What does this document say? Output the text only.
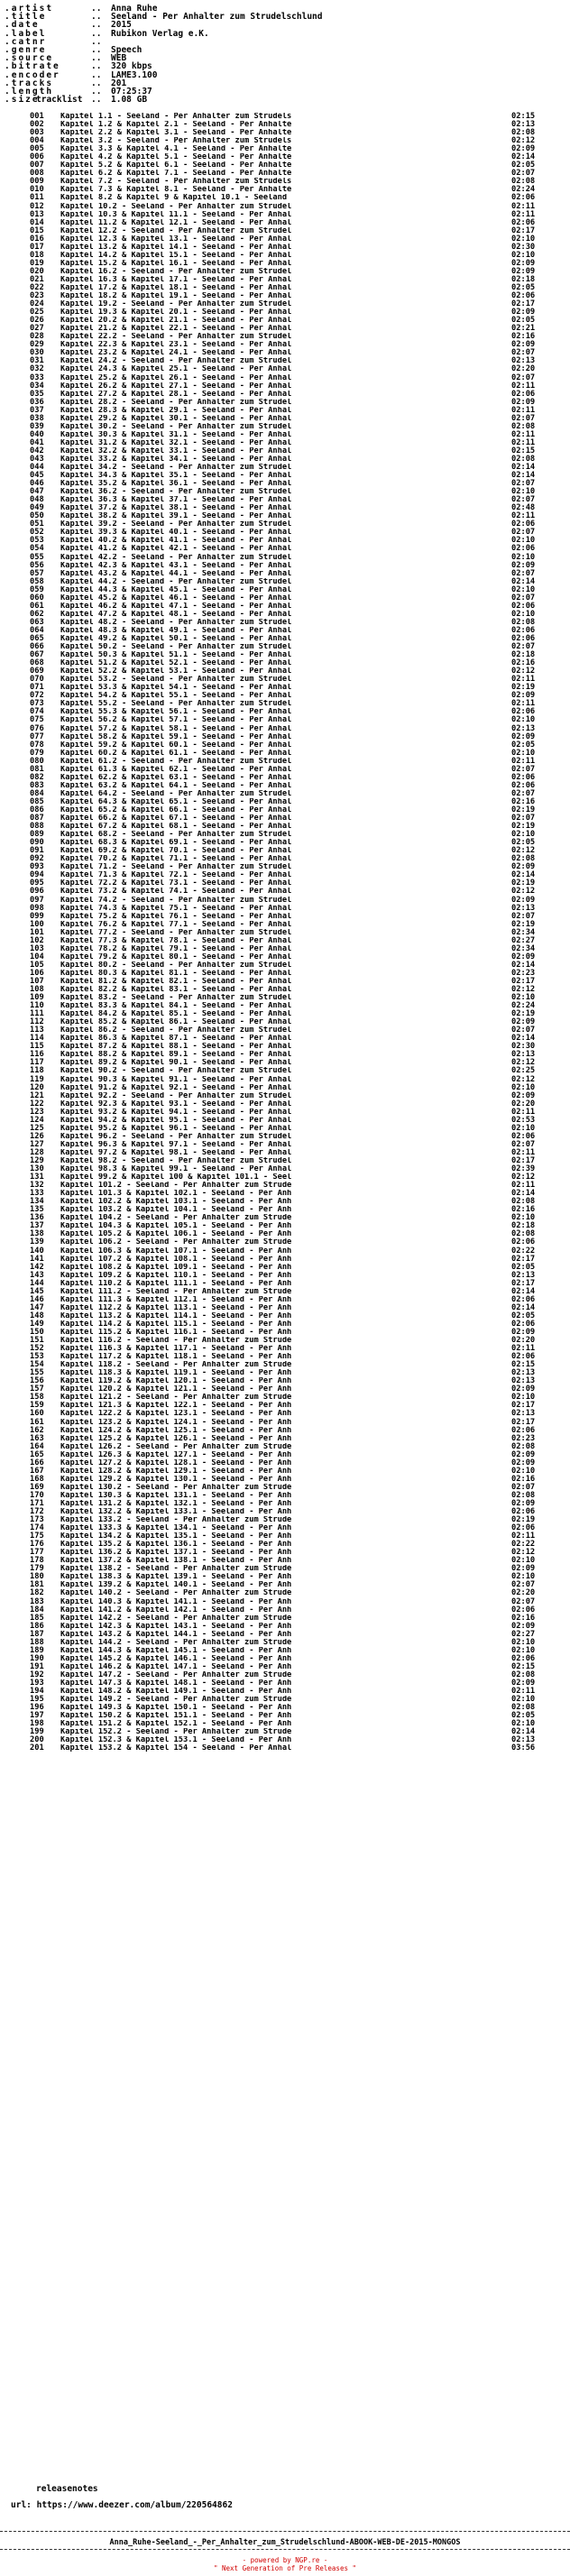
.artist	.. Anna Ruhe
.title	.. Seeland - Per Anhalter zum Strudelschlund
.date	.. 2015
.label	.. Rubikon Verlag e.K.
.catnr	..
.genre	.. Speech
.source	.. WEB
.bitrate	.. 320 kbps
.encoder	.. LAME3.100
.tracks	.. 201
.length	.. 07:25:37
.size	.. 1.08 GB
tracklist
001 Kapitel 1.1 - Seeland - Per Anhalter zum Strudels	02:15
002 Kapitel 1.2 & Kapitel 2.1 - Seeland - Per Anhalte	02:13
003 Kapitel 2.2 & Kapitel 3.1 - Seeland - Per Anhalte	02:08
004 Kapitel 3.2 - Seeland - Per Anhalter zum Strudels	02:12
005 Kapitel 3.3 & Kapitel 4.1 - Seeland - Per Anhalte	02:09
006 Kapitel 4.2 & Kapitel 5.1 - Seeland - Per Anhalte	02:14
007 Kapitel 5.2 & Kapitel 6.1 - Seeland - Per Anhalte	02:05
008 Kapitel 6.2 & Kapitel 7.1 - Seeland - Per Anhalte	02:07
009 Kapitel 7.2 - Seeland - Per Anhalter zum Strudels	02:08
010 Kapitel 7.3 & Kapitel 8.1 - Seeland - Per Anhalte	02:24
011 Kapitel 8.2 & Kapitel 9 & Kapitel 10.1 - Seeland	02:06
012 Kapitel 10.2 - Seeland - Per Anhalter zum Strudel	02:11
013 Kapitel 10.3 & Kapitel 11.1 - Seeland - Per Anhal	02:11
014 Kapitel 11.2 & Kapitel 12.1 - Seeland - Per Anhal	02:06
015 Kapitel 12.2 - Seeland - Per Anhalter zum Strudel	02:17
016 Kapitel 12.3 & Kapitel 13.1 - Seeland - Per Anhal	02:10
017 Kapitel 13.2 & Kapitel 14.1 - Seeland - Per Anhal	02:30
018 Kapitel 14.2 & Kapitel 15.1 - Seeland - Per Anhal	02:10
019 Kapitel 15.2 & Kapitel 16.1 - Seeland - Per Anhal	02:09
020 Kapitel 16.2 - Seeland - Per Anhalter zum Strudel	02:09
021 Kapitel 16.3 & Kapitel 17.1 - Seeland - Per Anhal	02:18
022 Kapitel 17.2 & Kapitel 18.1 - Seeland - Per Anhal	02:05
023 Kapitel 18.2 & Kapitel 19.1 - Seeland - Per Anhal	02:06
024 Kapitel 19.2 - Seeland - Per Anhalter zum Strudel	02:17
025 Kapitel 19.3 & Kapitel 20.1 - Seeland - Per Anhal	02:09
026 Kapitel 20.2 & Kapitel 21.1 - Seeland - Per Anhal	02:05
027 Kapitel 21.2 & Kapitel 22.1 - Seeland - Per Anhal	02:21
028 Kapitel 22.2 - Seeland - Per Anhalter zum Strudel	02:16
029 Kapitel 22.3 & Kapitel 23.1 - Seeland - Per Anhal	02:09
030 Kapitel 23.2 & Kapitel 24.1 - Seeland - Per Anhal	02:07
031 Kapitel 24.2 - Seeland - Per Anhalter zum Strudel	02:13
032 Kapitel 24.3 & Kapitel 25.1 - Seeland - Per Anhal	02:20
033 Kapitel 25.2 & Kapitel 26.1 - Seeland - Per Anhal	02:07
034 Kapitel 26.2 & Kapitel 27.1 - Seeland - Per Anhal	02:11
035 Kapitel 27.2 & Kapitel 28.1 - Seeland - Per Anhal	02:06
036 Kapitel 28.2 - Seeland - Per Anhalter zum Strudel	02:09
037 Kapitel 28.3 & Kapitel 29.1 - Seeland - Per Anhal	02:11
038 Kapitel 29.2 & Kapitel 30.1 - Seeland - Per Anhal	02:07
039 Kapitel 30.2 - Seeland - Per Anhalter zum Strudel	02:08
040 Kapitel 30.3 & Kapitel 31.1 - Seeland - Per Anhal	02:11
041 Kapitel 31.2 & Kapitel 32.1 - Seeland - Per Anhal	02:11
042 Kapitel 32.2 & Kapitel 33.1 - Seeland - Per Anhal	02:15
043 Kapitel 33.2 & Kapitel 34.1 - Seeland - Per Anhal	02:08
044 Kapitel 34.2 - Seeland - Per Anhalter zum Strudel	02:14
045 Kapitel 34.3 & Kapitel 35.1 - Seeland - Per Anhal	02:14
046 Kapitel 35.2 & Kapitel 36.1 - Seeland - Per Anhal	02:07
047 Kapitel 36.2 - Seeland - Per Anhalter zum Strudel	02:10
048 Kapitel 36.3 & Kapitel 37.1 - Seeland - Per Anhal	02:07
049 Kapitel 37.2 & Kapitel 38.1 - Seeland - Per Anhal	02:48
050 Kapitel 38.2 & Kapitel 39.1 - Seeland - Per Anhal	02:11
051 Kapitel 39.2 - Seeland - Per Anhalter zum Strudel	02:06
052 Kapitel 39.3 & Kapitel 40.1 - Seeland - Per Anhal	02:07
053 Kapitel 40.2 & Kapitel 41.1 - Seeland - Per Anhal	02:10
054 Kapitel 41.2 & Kapitel 42.1 - Seeland - Per Anhal	02:06
055 Kapitel 42.2 - Seeland - Per Anhalter zum Strudel	02:10
056 Kapitel 42.3 & Kapitel 43.1 - Seeland - Per Anhal	02:09
057 Kapitel 43.2 & Kapitel 44.1 - Seeland - Per Anhal	02:07
058 Kapitel 44.2 - Seeland - Per Anhalter zum Strudel	02:14
059 Kapitel 44.3 & Kapitel 45.1 - Seeland - Per Anhal	02:10
060 Kapitel 45.2 & Kapitel 46.1 - Seeland - Per Anhal	02:07
061 Kapitel 46.2 & Kapitel 47.1 - Seeland - Per Anhal	02:06
062 Kapitel 47.2 & Kapitel 48.1 - Seeland - Per Anhal	02:10
063 Kapitel 48.2 - Seeland - Per Anhalter zum Strudel	02:08
064 Kapitel 48.3 & Kapitel 49.1 - Seeland - Per Anhal	02:06
065 Kapitel 49.2 & Kapitel 50.1 - Seeland - Per Anhal	02:06
066 Kapitel 50.2 - Seeland - Per Anhalter zum Strudel	02:07
067 Kapitel 50.3 & Kapitel 51.1 - Seeland - Per Anhal	02:18
068 Kapitel 51.2 & Kapitel 52.1 - Seeland - Per Anhal	02:16
069 Kapitel 52.2 & Kapitel 53.1 - Seeland - Per Anhal	02:12
070 Kapitel 53.2 - Seeland - Per Anhalter zum Strudel	02:11
071 Kapitel 53.3 & Kapitel 54.1 - Seeland - Per Anhal	02:19
072 Kapitel 54.2 & Kapitel 55.1 - Seeland - Per Anhal	02:09
073 Kapitel 55.2 - Seeland - Per Anhalter zum Strudel	02:11
074 Kapitel 55.3 & Kapitel 56.1 - Seeland - Per Anhal	02:06
075 Kapitel 56.2 & Kapitel 57.1 - Seeland - Per Anhal	02:10
076 Kapitel 57.2 & Kapitel 58.1 - Seeland - Per Anhal	02:13
077 Kapitel 58.2 & Kapitel 59.1 - Seeland - Per Anhal	02:09
078 Kapitel 59.2 & Kapitel 60.1 - Seeland - Per Anhal	02:05
079 Kapitel 60.2 & Kapitel 61.1 - Seeland - Per Anhal	02:10
080 Kapitel 61.2 - Seeland - Per Anhalter zum Strudel	02:11
081 Kapitel 61.3 & Kapitel 62.1 - Seeland - Per Anhal	02:07
082 Kapitel 62.2 & Kapitel 63.1 - Seeland - Per Anhal	02:06
083 Kapitel 63.2 & Kapitel 64.1 - Seeland - Per Anhal	02:06
084 Kapitel 64.2 - Seeland - Per Anhalter zum Strudel	02:07
085 Kapitel 64.3 & Kapitel 65.1 - Seeland - Per Anhal	02:16
086 Kapitel 65.2 & Kapitel 66.1 - Seeland - Per Anhal	02:19
087 Kapitel 66.2 & Kapitel 67.1 - Seeland - Per Anhal	02:07
088 Kapitel 67.2 & Kapitel 68.1 - Seeland - Per Anhal	02:19
089 Kapitel 68.2 - Seeland - Per Anhalter zum Strudel	02:10
090 Kapitel 68.3 & Kapitel 69.1 - Seeland - Per Anhal	02:05
091 Kapitel 69.2 & Kapitel 70.1 - Seeland - Per Anhal	02:12
092 Kapitel 70.2 & Kapitel 71.1 - Seeland - Per Anhal	02:08
093 Kapitel 71.2 - Seeland - Per Anhalter zum Strudel	02:09
094 Kapitel 71.3 & Kapitel 72.1 - Seeland - Per Anhal	02:14
095 Kapitel 72.2 & Kapitel 73.1 - Seeland - Per Anhal	02:19
096 Kapitel 73.2 & Kapitel 74.1 - Seeland - Per Anhal	02:12
097 Kapitel 74.2 - Seeland - Per Anhalter zum Strudel	02:09
098 Kapitel 74.3 & Kapitel 75.1 - Seeland - Per Anhal	02:13
099 Kapitel 75.2 & Kapitel 76.1 - Seeland - Per Anhal	02:07
100 Kapitel 76.2 & Kapitel 77.1 - Seeland - Per Anhal	02:19
101 Kapitel 77.2 - Seeland - Per Anhalter zum Strudel	02:34
102 Kapitel 77.3 & Kapitel 78.1 - Seeland - Per Anhal	02:27
103 Kapitel 78.2 & Kapitel 79.1 - Seeland - Per Anhal	02:34
104 Kapitel 79.2 & Kapitel 80.1 - Seeland - Per Anhal	02:09
105 Kapitel 80.2 - Seeland - Per Anhalter zum Strudel	02:14
106 Kapitel 80.3 & Kapitel 81.1 - Seeland - Per Anhal	02:23
107 Kapitel 81.2 & Kapitel 82.1 - Seeland - Per Anhal	02:17
108 Kapitel 82.2 & Kapitel 83.1 - Seeland - Per Anhal	02:12
109 Kapitel 83.2 - Seeland - Per Anhalter zum Strudel	02:10
110 Kapitel 83.3 & Kapitel 84.1 - Seeland - Per Anhal	02:24
111 Kapitel 84.2 & Kapitel 85.1 - Seeland - Per Anhal	02:19
112 Kapitel 85.2 & Kapitel 86.1 - Seeland - Per Anhal	02:09
113 Kapitel 86.2 - Seeland - Per Anhalter zum Strudel	02:07
114 Kapitel 86.3 & Kapitel 87.1 - Seeland - Per Anhal	02:14
115 Kapitel 87.2 & Kapitel 88.1 - Seeland - Per Anhal	02:30
116 Kapitel 88.2 & Kapitel 89.1 - Seeland - Per Anhal	02:13
117 Kapitel 89.2 & Kapitel 90.1 - Seeland - Per Anhal	02:12
118 Kapitel 90.2 - Seeland - Per Anhalter zum Strudel	02:25
119 Kapitel 90.3 & Kapitel 91.1 - Seeland - Per Anhal	02:12
120 Kapitel 91.2 & Kapitel 92.1 - Seeland - Per Anhal	02:10
121 Kapitel 92.2 - Seeland - Per Anhalter zum Strudel	02:09
122 Kapitel 92.3 & Kapitel 93.1 - Seeland - Per Anhal	02:20
123 Kapitel 93.2 & Kapitel 94.1 - Seeland - Per Anhal	02:11
124 Kapitel 94.2 & Kapitel 95.1 - Seeland - Per Anhal	02:53
125 Kapitel 95.2 & Kapitel 96.1 - Seeland - Per Anhal	02:10
126 Kapitel 96.2 - Seeland - Per Anhalter zum Strudel	02:06
127 Kapitel 96.3 & Kapitel 97.1 - Seeland - Per Anhal	02:07
128 Kapitel 97.2 & Kapitel 98.1 - Seeland - Per Anhal	02:11
129 Kapitel 98.2 - Seeland - Per Anhalter zum Strudel	02:17
130 Kapitel 98.3 & Kapitel 99.1 - Seeland - Per Anhal	02:39
131 Kapitel 99.2 & Kapitel 100 & Kapitel 101.1 - Seel	02:12
132 Kapitel 101.2 - Seeland - Per Anhalter zum Strude	02:11
133 Kapitel 101.3 & Kapitel 102.1 - Seeland - Per Anh	02:14
134 Kapitel 102.2 & Kapitel 103.1 - Seeland - Per Anh	02:08
135 Kapitel 103.2 & Kapitel 104.1 - Seeland - Per Anh	02:16
136 Kapitel 104.2 - Seeland - Per Anhalter zum Strude	02:10
137 Kapitel 104.3 & Kapitel 105.1 - Seeland - Per Anh	02:18
138 Kapitel 105.2 & Kapitel 106.1 - Seeland - Per Anh	02:08
139 Kapitel 106.2 - Seeland - Per Anhalter zum Strude	02:06
140 Kapitel 106.3 & Kapitel 107.1 - Seeland - Per Anh	02:22
141 Kapitel 107.2 & Kapitel 108.1 - Seeland - Per Anh	02:17
142 Kapitel 108.2 & Kapitel 109.1 - Seeland - Per Anh	02:05
143 Kapitel 109.2 & Kapitel 110.1 - Seeland - Per Anh	02:13
144 Kapitel 110.2 & Kapitel 111.1 - Seeland - Per Anh	02:17
145 Kapitel 111.2 - Seeland - Per Anhalter zum Strude	02:14
146 Kapitel 111.3 & Kapitel 112.1 - Seeland - Per Anh	02:06
147 Kapitel 112.2 & Kapitel 113.1 - Seeland - Per Anh	02:14
148 Kapitel 113.2 & Kapitel 114.1 - Seeland - Per Anh	02:05
149 Kapitel 114.2 & Kapitel 115.1 - Seeland - Per Anh	02:06
150 Kapitel 115.2 & Kapitel 116.1 - Seeland - Per Anh	02:09
151 Kapitel 116.2 - Seeland - Per Anhalter zum Strude	02:20
152 Kapitel 116.3 & Kapitel 117.1 - Seeland - Per Anh	02:11
153 Kapitel 117.2 & Kapitel 118.1 - Seeland - Per Anh	02:06
154 Kapitel 118.2 - Seeland - Per Anhalter zum Strude	02:15
155 Kapitel 118.3 & Kapitel 119.1 - Seeland - Per Anh	02:13
156 Kapitel 119.2 & Kapitel 120.1 - Seeland - Per Anh	02:13
157 Kapitel 120.2 & Kapitel 121.1 - Seeland - Per Anh	02:09
158 Kapitel 121.2 - Seeland - Per Anhalter zum Strude	02:10
159 Kapitel 121.3 & Kapitel 122.1 - Seeland - Per Anh	02:17
160 Kapitel 122.2 & Kapitel 123.1 - Seeland - Per Anh	02:13
161 Kapitel 123.2 & Kapitel 124.1 - Seeland - Per Anh	02:17
162 Kapitel 124.2 & Kapitel 125.1 - Seeland - Per Anh	02:06
163 Kapitel 125.2 & Kapitel 126.1 - Seeland - Per Anh	02:23
164 Kapitel 126.2 - Seeland - Per Anhalter zum Strude	02:08
165 Kapitel 126.3 & Kapitel 127.1 - Seeland - Per Anh	02:09
166 Kapitel 127.2 & Kapitel 128.1 - Seeland - Per Anh	02:09
167 Kapitel 128.2 & Kapitel 129.1 - Seeland - Per Anh	02:10
168 Kapitel 129.2 & Kapitel 130.1 - Seeland - Per Anh	02:16
169 Kapitel 130.2 - Seeland - Per Anhalter zum Strude	02:07
170 Kapitel 130.3 & Kapitel 131.1 - Seeland - Per Anh	02:08
171 Kapitel 131.2 & Kapitel 132.1 - Seeland - Per Anh	02:09
172 Kapitel 132.2 & Kapitel 133.1 - Seeland - Per Anh	02:06
173 Kapitel 133.2 - Seeland - Per Anhalter zum Strude	02:19
174 Kapitel 133.3 & Kapitel 134.1 - Seeland - Per Anh	02:06
175 Kapitel 134.2 & Kapitel 135.1 - Seeland - Per Anh	02:11
176 Kapitel 135.2 & Kapitel 136.1 - Seeland - Per Anh	02:22
177 Kapitel 136.2 & Kapitel 137.1 - Seeland - Per Anh	02:12
178 Kapitel 137.2 & Kapitel 138.1 - Seeland - Per Anh	02:10
179 Kapitel 138.2 - Seeland - Per Anhalter zum Strude	02:09
180 Kapitel 138.3 & Kapitel 139.1 - Seeland - Per Anh	02:10
181 Kapitel 139.2 & Kapitel 140.1 - Seeland - Per Anh	02:07
182 Kapitel 140.2 - Seeland - Per Anhalter zum Strude	02:20
183 Kapitel 140.3 & Kapitel 141.1 - Seeland - Per Anh	02:07
184 Kapitel 141.2 & Kapitel 142.1 - Seeland - Per Anh	02:06
185 Kapitel 142.2 - Seeland - Per Anhalter zum Strude	02:16
186 Kapitel 142.3 & Kapitel 143.1 - Seeland - Per Anh	02:09
187 Kapitel 143.2 & Kapitel 144.1 - Seeland - Per Anh	02:27
188 Kapitel 144.2 - Seeland - Per Anhalter zum Strude	02:10
189 Kapitel 144.3 & Kapitel 145.1 - Seeland - Per Anh	02:10
190 Kapitel 145.2 & Kapitel 146.1 - Seeland - Per Anh	02:06
191 Kapitel 146.2 & Kapitel 147.1 - Seeland - Per Anh	02:15
192 Kapitel 147.2 - Seeland - Per Anhalter zum Strude	02:08
193 Kapitel 147.3 & Kapitel 148.1 - Seeland - Per Anh	02:09
194 Kapitel 148.2 & Kapitel 149.1 - Seeland - Per Anh	02:11
195 Kapitel 149.2 - Seeland - Per Anhalter zum Strude	02:10
196 Kapitel 149.3 & Kapitel 150.1 - Seeland - Per Anh	02:08
197 Kapitel 150.2 & Kapitel 151.1 - Seeland - Per Anh	02:05
198 Kapitel 151.2 & Kapitel 152.1 - Seeland - Per Anh	02:10
199 Kapitel 152.2 - Seeland - Per Anhalter zum Strude	02:14
200 Kapitel 152.3 & Kapitel 153.1 - Seeland - Per Anh	02:13
201 Kapitel 153.2 & Kapitel 154 - Seeland - Per Anhal	03:56
releasenotes
url: https://www.deezer.com/album/220564862
Anna_Ruhe-Seeland_-_Per_Anhalter_zum_Strudelschlund-ABOOK-WEB-DE-2015-MONGOS
- powered by NGP.re -
" Next Generation of Pre Releases "
